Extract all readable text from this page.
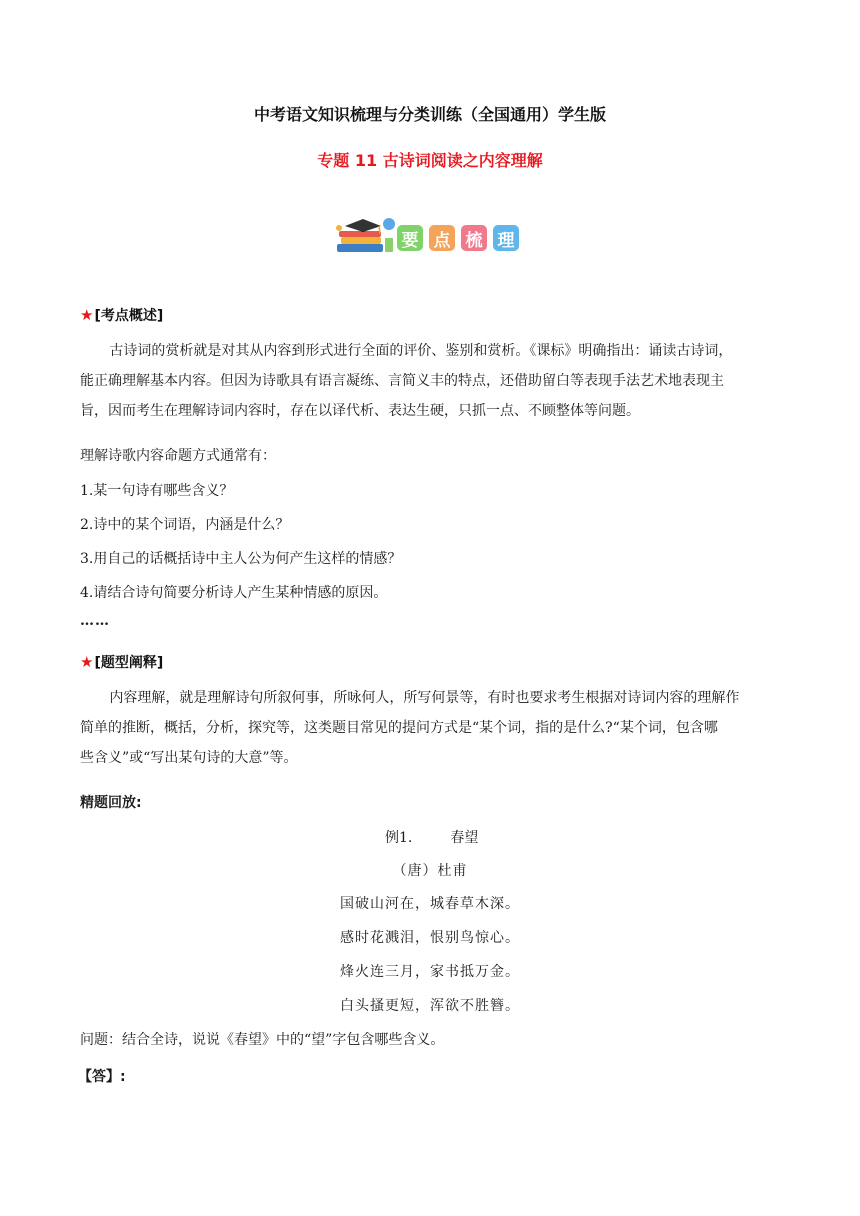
中考语文知识梳理与分类训练（全国通用）学生版
专题 11 古诗词阅读之内容理解
要 点 梳 理
★[考点概述]
古诗词的赏析就是对其从内容到形式进行全面的评价、鉴别和赏析。《课标》明确指出：诵读古诗词，
能正确理解基本内容。但因为诗歌具有语言凝练、言简义丰的特点，还借助留白等表现手法艺术地表现主
旨，因而考生在理解诗词内容时，存在以译代析、表达生硬，只抓一点、不顾整体等问题。
理解诗歌内容命题方式通常有：
1.某一句诗有哪些含义？
2.诗中的某个词语，内涵是什么？
3.用自己的话概括诗中主人公为何产生这样的情感？
4.请结合诗句简要分析诗人产生某种情感的原因。
……
★[题型阐释]
内容理解，就是理解诗句所叙何事，所咏何人，所写何景等，有时也要求考生根据对诗词内容的理解作
简单的推断，概括，分析，探究等，这类题目常见的提问方式是“某个词，指的是什么?“某个词，包含哪
些含义”或“写出某句诗的大意”等。
精题回放:
例1.	春望
（唐）杜甫
国破山河在，城春草木深。
感时花溅泪，恨别鸟惊心。
烽火连三月，家书抵万金。
白头搔更短，浑欲不胜簪。
问题：结合全诗，说说《春望》中的“望”字包含哪些含义。
【答】:
